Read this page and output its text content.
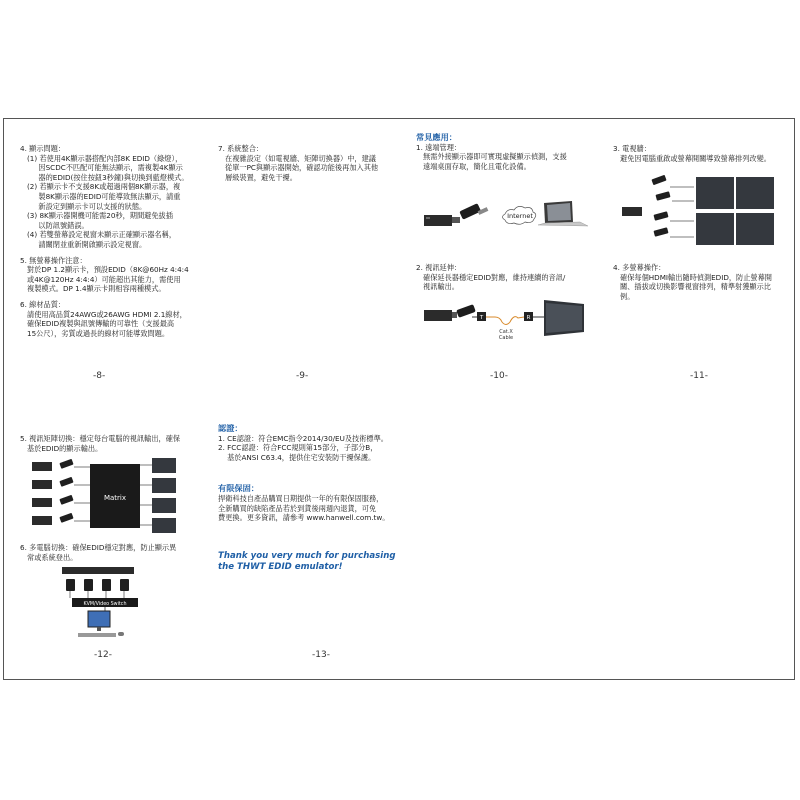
4. 顯示問題：
(1) 若使用4K顯示器搭配內部8K EDID（綠燈），
因SCDC不匹配可能無法顯示，需複製4K顯示
器的EDID(按住按鈕3秒鐘)與切換到藍燈模式。
(2) 若顯示卡不支援8K或超過兩個8K顯示器，複
製8K顯示器的EDID可能導致無法顯示，請重
新設定到顯示卡可以支援的狀態。
(3) 8K顯示器開機可能需20秒，期間避免拔插
以防訊號錯誤。
(4) 若雙螢幕設定視窗未顯示正確顯示器名稱，
請關閉並重新開啟顯示設定視窗。
5. 無螢幕操作注意：
對於DP 1.2顯示卡，預設EDID（8K@60Hz 4:4:4
或4K@120Hz 4:4:4）可能超出其能力，需使用
複製模式。DP 1.4顯示卡則相容兩種模式。
6. 線材品質：
請使用高品質24AWG或26AWG HDMI 2.1線材，
確保EDID複製與訊號傳輸的可靠性（支援最高
15公尺），劣質或過長的線材可能導致問題。
-8-
7. 系統整合：
在複雜設定（如電視牆、矩陣切換器）中，建議
從單一PC與顯示器開始，確認功能後再加入其他
層級裝置，避免干擾。
-9-
常見應用：
1. 遠端管理：
無需外接顯示器即可實現虛擬顯示偵測，支援
遠端桌面存取，簡化且電化設備。
Internet
2. 視訊延伸：
確保延長器穩定EDID對應，維持連續的音訊/
視訊輸出。
T
Cat.X
Cable
R
-10-
3. 電視牆：
避免因電腦重啟或螢幕開關導致螢幕排列改變。
4. 多螢幕操作：
確保每個HDMI輸出隨時偵測EDID，防止螢幕開
關、插拔或切換影響視窗排列，精準射獲顯示比
例。
-11-
5. 視訊矩陣切換：穩定每台電腦的視訊輸出，確保
基於EDID的顯示輸出。
Matrix
6. 多電腦切換：確保EDID穩定對應，防止顯示異
常或系統登出。
KVM/Video Switch
-12-
認證：
1. CE認證：符合EMC指令2014/30/EU及技術標準。
2. FCC認證：符合FCC規則第15部分，子部分B，
基於ANSI C63.4，提供住宅安裝防干擾保護。
有限保固：
捍衛科技自產品購買日期提供一年的有限保固服務，
全新購買的缺陷產品若於到貨後兩週內退貨，可免
費更換。更多資訊，請參考 www.hanwell.com.tw。
Thank you very much for purchasing
the THWT EDID emulator!
-13-
